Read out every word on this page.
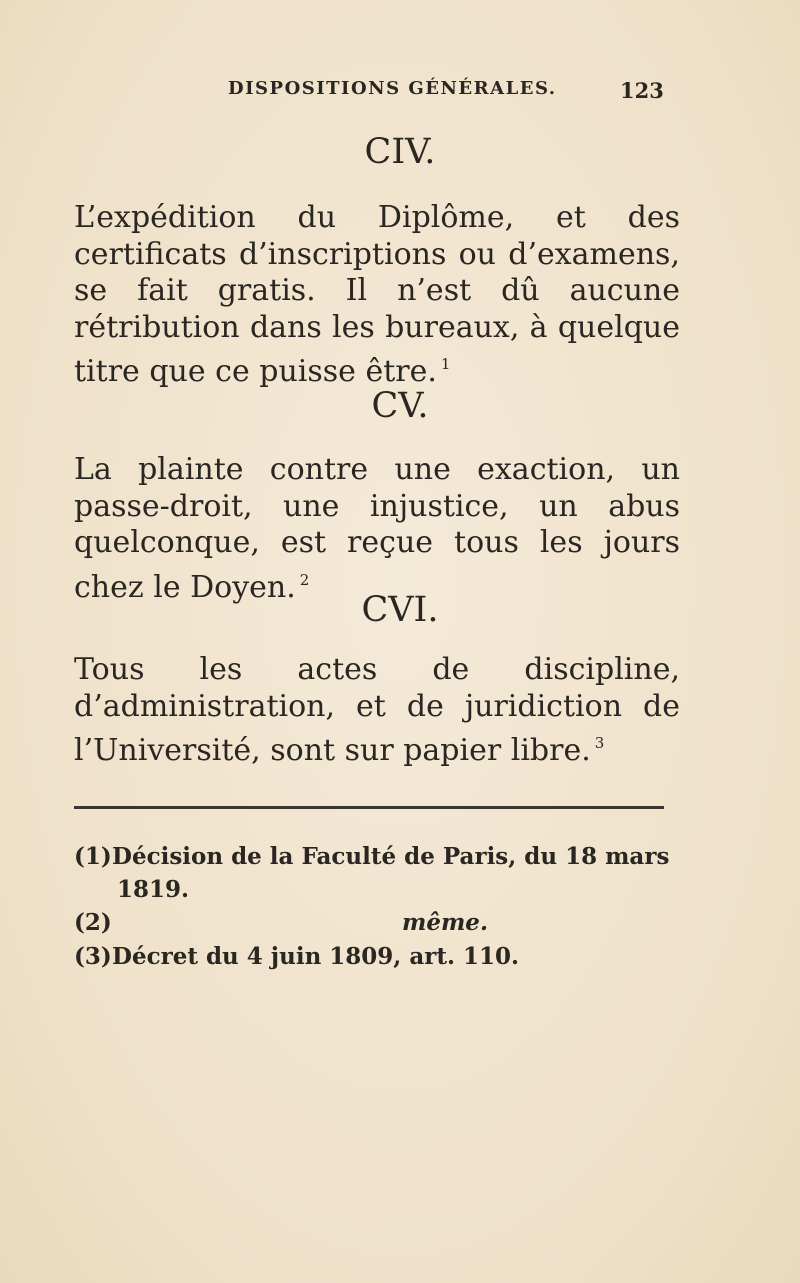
DISPOSITIONS GÉNÉRALES.	123
CIV.
L’expédition du Diplôme, et des certificats d’inscriptions ou d’examens, se fait gratis. Il n’est dû aucune rétribution dans les bureaux, à quelque titre que ce puisse être. $^1$
CV.
La plainte contre une exaction, un passe-droit, une injustice, un abus quelconque, est reçue tous les jours chez le Doyen. $^2$
CVI.
Tous les actes de discipline, d’administration, et de juridiction de l’Université, sont sur papier libre. $^3$
(1)Décision de la Faculté de Paris, du 18 mars
1819.
(2)	même.
(3)Décret du 4 juin 1809, art. 110.
